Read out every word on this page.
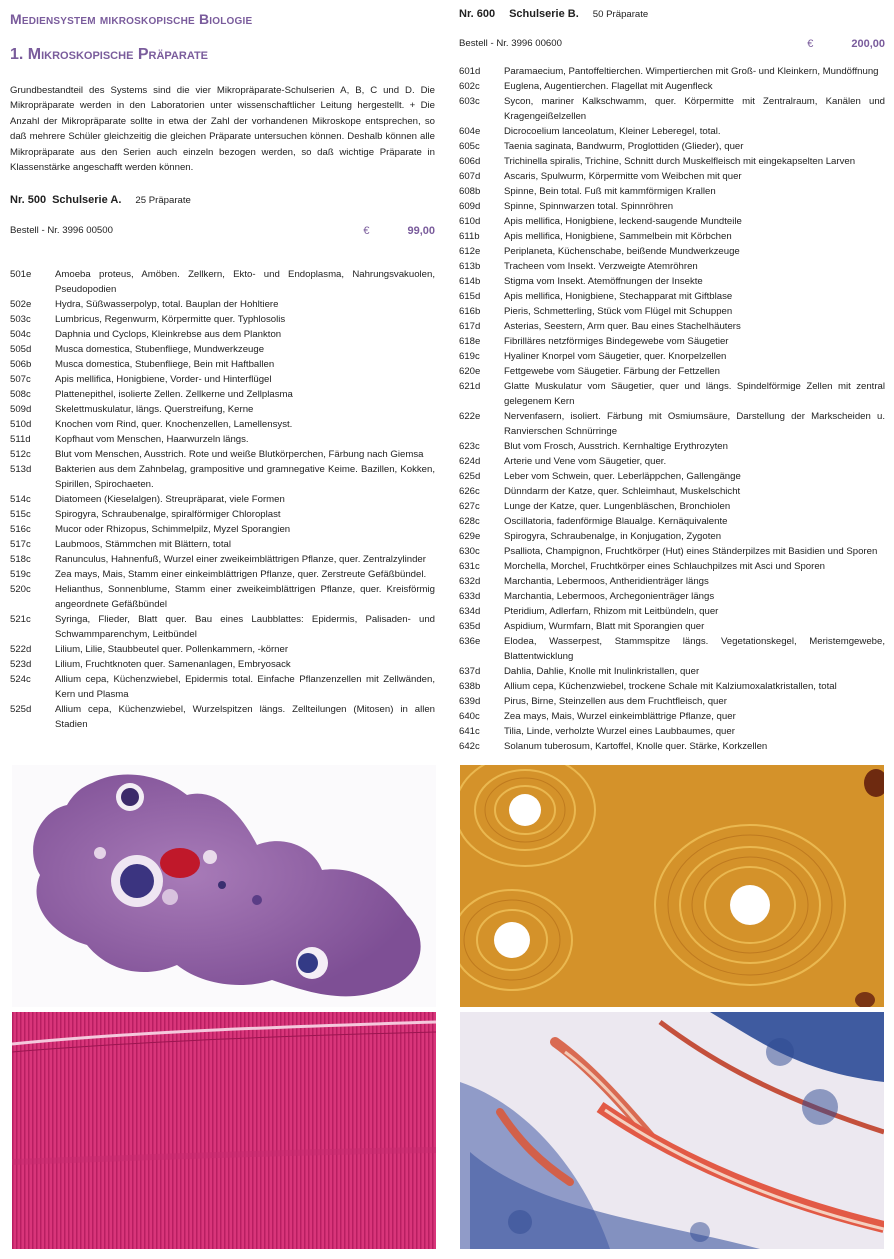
Mediensystem mikroskopische Biologie
1. Mikroskopische Präparate

Grundbestandteil des Systems sind die vier Mikropräparate-Schulserien A, B, C und D. Die Mikropräparate werden in den Laboratorien unter wissenschaftlicher Leitung hergestellt. + Die Anzahl der Mikropräparate sollte in etwa der Zahl der vorhandenen Mikroskope entsprechen, so daß mehrere Schüler gleichzeitig die gleichen Präparate untersuchen können. Deshalb können alle Mikropräparate aus den Serien auch einzeln bezogen werden, so daß wichtige Präparate in Klassenstärke angeschafft werden können.

Nr. 500 Schulserie A. 25 Präparate
Bestell - Nr. 3996 00500	€	99,00
501e	Amoeba proteus, Amöben. Zellkern, Ekto- und Endoplasma, Nahrungsvakuolen, Pseudopodien
502e	Hydra, Süßwasserpolyp, total. Bauplan der Hohltiere
503c	Lumbricus, Regenwurm, Körpermitte quer. Typhlosolis
504c	Daphnia und Cyclops, Kleinkrebse aus dem Plankton
505d	Musca domestica, Stubenfliege, Mundwerkzeuge
506b	Musca domestica, Stubenfliege, Bein mit Haftballen
507c	Apis mellifica, Honigbiene, Vorder- und Hinterflügel
508c	Plattenepithel, isolierte Zellen. Zellkerne und Zellplasma
509d	Skelettmuskulatur, längs. Querstreifung, Kerne
510d	Knochen vom Rind, quer. Knochenzellen, Lamellensyst.
511d	Kopfhaut vom Menschen, Haarwurzeln längs.
512c	Blut vom Menschen, Ausstrich. Rote und weiße Blutkörperchen, Färbung nach Giemsa
513d	Bakterien aus dem Zahnbelag, grampositive und gramnegative Keime. Bazillen, Kokken, Spirillen, Spirochaeten.
514c	Diatomeen (Kieselalgen). Streupräparat, viele Formen
515c	Spirogyra, Schraubenalge, spiralförmiger Chloroplast
516c	Mucor oder Rhizopus, Schimmelpilz, Myzel Sporangien
517c	Laubmoos, Stämmchen mit Blättern, total
518c	Ranunculus, Hahnenfuß, Wurzel einer zweikeimblättrigen Pflanze, quer. Zentralzylinder
519c	Zea mays, Mais, Stamm einer einkeimblättrigen Pflanze, quer. Zerstreute Gefäßbündel.
520c	Helianthus, Sonnenblume, Stamm einer zweikeimblättrigen Pflanze, quer. Kreisförmig angeordnete Gefäßbündel
521c	Syringa, Flieder, Blatt quer. Bau eines Laubblattes: Epidermis, Palisaden- und Schwammparenchym, Leitbündel
522d	Lilium, Lilie, Staubbeutel quer. Pollenkammern, -körner
523d	Lilium, Fruchtknoten quer. Samenanlagen, Embryosack
524c	Allium cepa, Küchenzwiebel, Epidermis total. Einfache Pflanzenzellen mit Zellwänden, Kern und Plasma
525d	Allium cepa, Küchenzwiebel, Wurzelspitzen längs. Zellteilungen (Mitosen) in allen Stadien
Nr. 600 Schulserie B. 50 Präparate
Bestell - Nr. 3996 00600	€	200,00
601d	Paramaecium, Pantoffeltierchen. Wimpertierchen mit Groß- und Kleinkern, Mundöffnung
602c	Euglena, Augentierchen. Flagellat mit Augenfleck
603c	Sycon, mariner Kalkschwamm, quer. Körpermitte mit Zentralraum, Kanälen und Kragengeißelzellen
604e	Dicrocoelium lanceolatum, Kleiner Leberegel, total.
605c	Taenia saginata, Bandwurm, Proglottiden (Glieder), quer
606d	Trichinella spiralis, Trichine, Schnitt durch Muskelfleisch mit eingekapselten Larven
607d	Ascaris, Spulwurm, Körpermitte vom Weibchen mit quer
608b	Spinne, Bein total. Fuß mit kammförmigen Krallen
609d	Spinne, Spinnwarzen total. Spinnröhren
610d	Apis mellifica, Honigbiene, leckend-saugende Mundteile
611b	Apis mellifica, Honigbiene, Sammelbein mit Körbchen
612e	Periplaneta, Küchenschabe, beißende Mundwerkzeuge
613b	Tracheen vom Insekt. Verzweigte Atemröhren
614b	Stigma vom Insekt. Atemöffnungen der Insekte
615d	Apis mellifica, Honigbiene, Stechapparat mit Giftblase
616b	Pieris, Schmetterling, Stück vom Flügel mit Schuppen
617d	Asterias, Seestern, Arm quer. Bau eines Stachelhäuters
618e	Fibrilläres netzförmiges Bindegewebe vom Säugetier
619c	Hyaliner Knorpel vom Säugetier, quer. Knorpelzellen
620e	Fettgewebe vom Säugetier. Färbung der Fettzellen
621d	Glatte Muskulatur vom Säugetier, quer und längs. Spindelförmige Zellen mit zentral gelegenem Kern
622e	Nervenfasern, isoliert. Färbung mit Osmiumsäure, Darstellung der Markscheiden u. Ranvierschen Schnürringe
623c	Blut vom Frosch, Ausstrich. Kernhaltige Erythrozyten
624d	Arterie und Vene vom Säugetier, quer.
625d	Leber vom Schwein, quer. Leberläppchen, Gallengänge
626c	Dünndarm der Katze, quer. Schleimhaut, Muskelschicht
627c	Lunge der Katze, quer. Lungenbläschen, Bronchiolen
628c	Oscillatoria, fadenförmige Blaualge. Kernäquivalente
629e	Spirogyra, Schraubenalge, in Konjugation, Zygoten
630c	Psalliota, Champignon, Fruchtkörper (Hut) eines Ständerpilzes mit Basidien und Sporen
631c	Morchella, Morchel, Fruchtkörper eines Schlauchpilzes mit Asci und Sporen
632d	Marchantia, Lebermoos, Antheridienträger längs
633d	Marchantia, Lebermoos, Archegonienträger längs
634d	Pteridium, Adlerfarn, Rhizom mit Leitbündeln, quer
635d	Aspidium, Wurmfarn, Blatt mit Sporangien quer
636e	Elodea, Wasserpest, Stammspitze längs. Vegetationskegel, Meristemgewebe, Blattentwicklung
637d	Dahlia, Dahlie, Knolle mit Inulinkristallen, quer
638b	Allium cepa, Küchenzwiebel, trockene Schale mit Kalziumoxalatkristallen, total
639d	Pirus, Birne, Steinzellen aus dem Fruchtfleisch, quer
640c	Zea mays, Mais, Wurzel einkeimblättrige Pflanze, quer
641c	Tilia, Linde, verholzte Wurzel eines Laubbaumes, quer
642c	Solanum tuberosum, Kartoffel, Knolle quer. Stärke, Korkzellen
